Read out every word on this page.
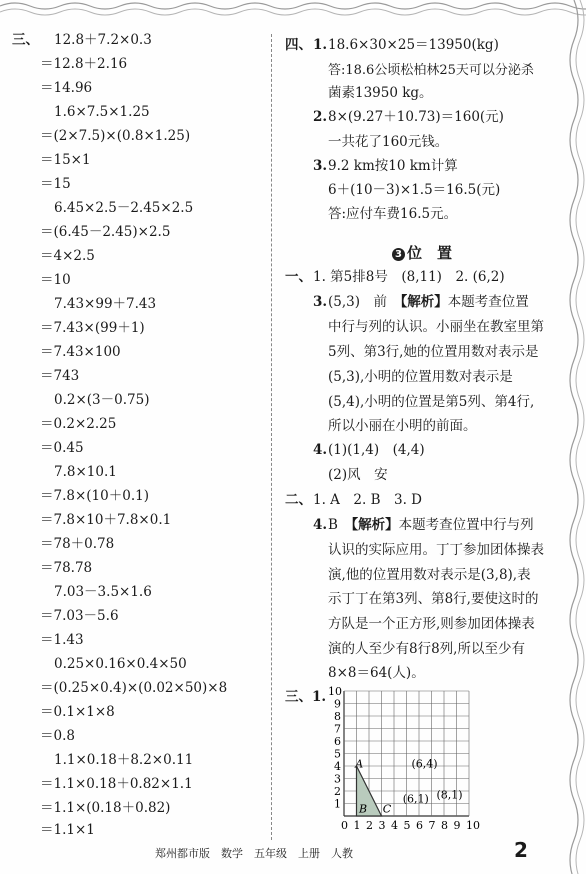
三、 12.8＋7.2×0.3
＝12.8＋2.16
＝14.96
1.6×7.5×1.25
＝(2×7.5)×(0.8×1.25)
＝15×1
＝15
6.45×2.5－2.45×2.5
＝(6.45－2.45)×2.5
＝4×2.5
＝10
7.43×99＋7.43
＝7.43×(99＋1)
＝7.43×100
＝743
0.2×(3－0.75)
＝0.2×2.25
＝0.45
7.8×10.1
＝7.8×(10＋0.1)
＝7.8×10＋7.8×0.1
＝78＋0.78
＝78.78
7.03－3.5×1.6
＝7.03－5.6
＝1.43
0.25×0.16×0.4×50
＝(0.25×0.4)×(0.02×50)×8
＝0.1×1×8
＝0.8
1.1×0.18＋8.2×0.11
＝1.1×0.18＋0.82×1.1
＝1.1×(0.18＋0.82)
＝1.1×1
四、 1. 18.6×30×25＝13950(kg)
答:18.6公顷松柏林25天可以分泌杀
菌素13950 kg。
2. 8×(9.27＋10.73)＝160(元)
一共花了160元钱。
3. 9.2 km按10 km计算
6＋(10－3)×1.5＝16.5(元)
答:应付车费16.5元。
3 位　置
一、 1. 第5排8号　(8,11)　2. (6,2)
3. (5,3)　前　【解析】本题考查位置
中行与列的认识。小丽坐在教室里第
5列、第3行,她的位置用数对表示是
(5,3),小明的位置用数对表示是
(5,4),小明的位置是第5列、第4行,
所以小丽在小明的前面。
4. (1)(1,4)　(4,4)
(2)风　安
二、 1. A　2. B　3. D
4. B　【解析】本题考查位置中行与列
认识的实际应用。丁丁参加团体操表
演,他的位置用数对表示是(3,8),表
示丁丁在第3列、第8行,要使这时的
方队是一个正方形,则参加团体操表
演的人至少有8行8列,所以至少有
8×8＝64(人)。
三、1.
0 1 2 3 4 5 6 7 8 9 10
1
2
3
4
5
6
7
8
9
10
A
B C
(6,4)
(6,1) (8,1)
郑州都市版　数学　五年级　上册　人教	2
